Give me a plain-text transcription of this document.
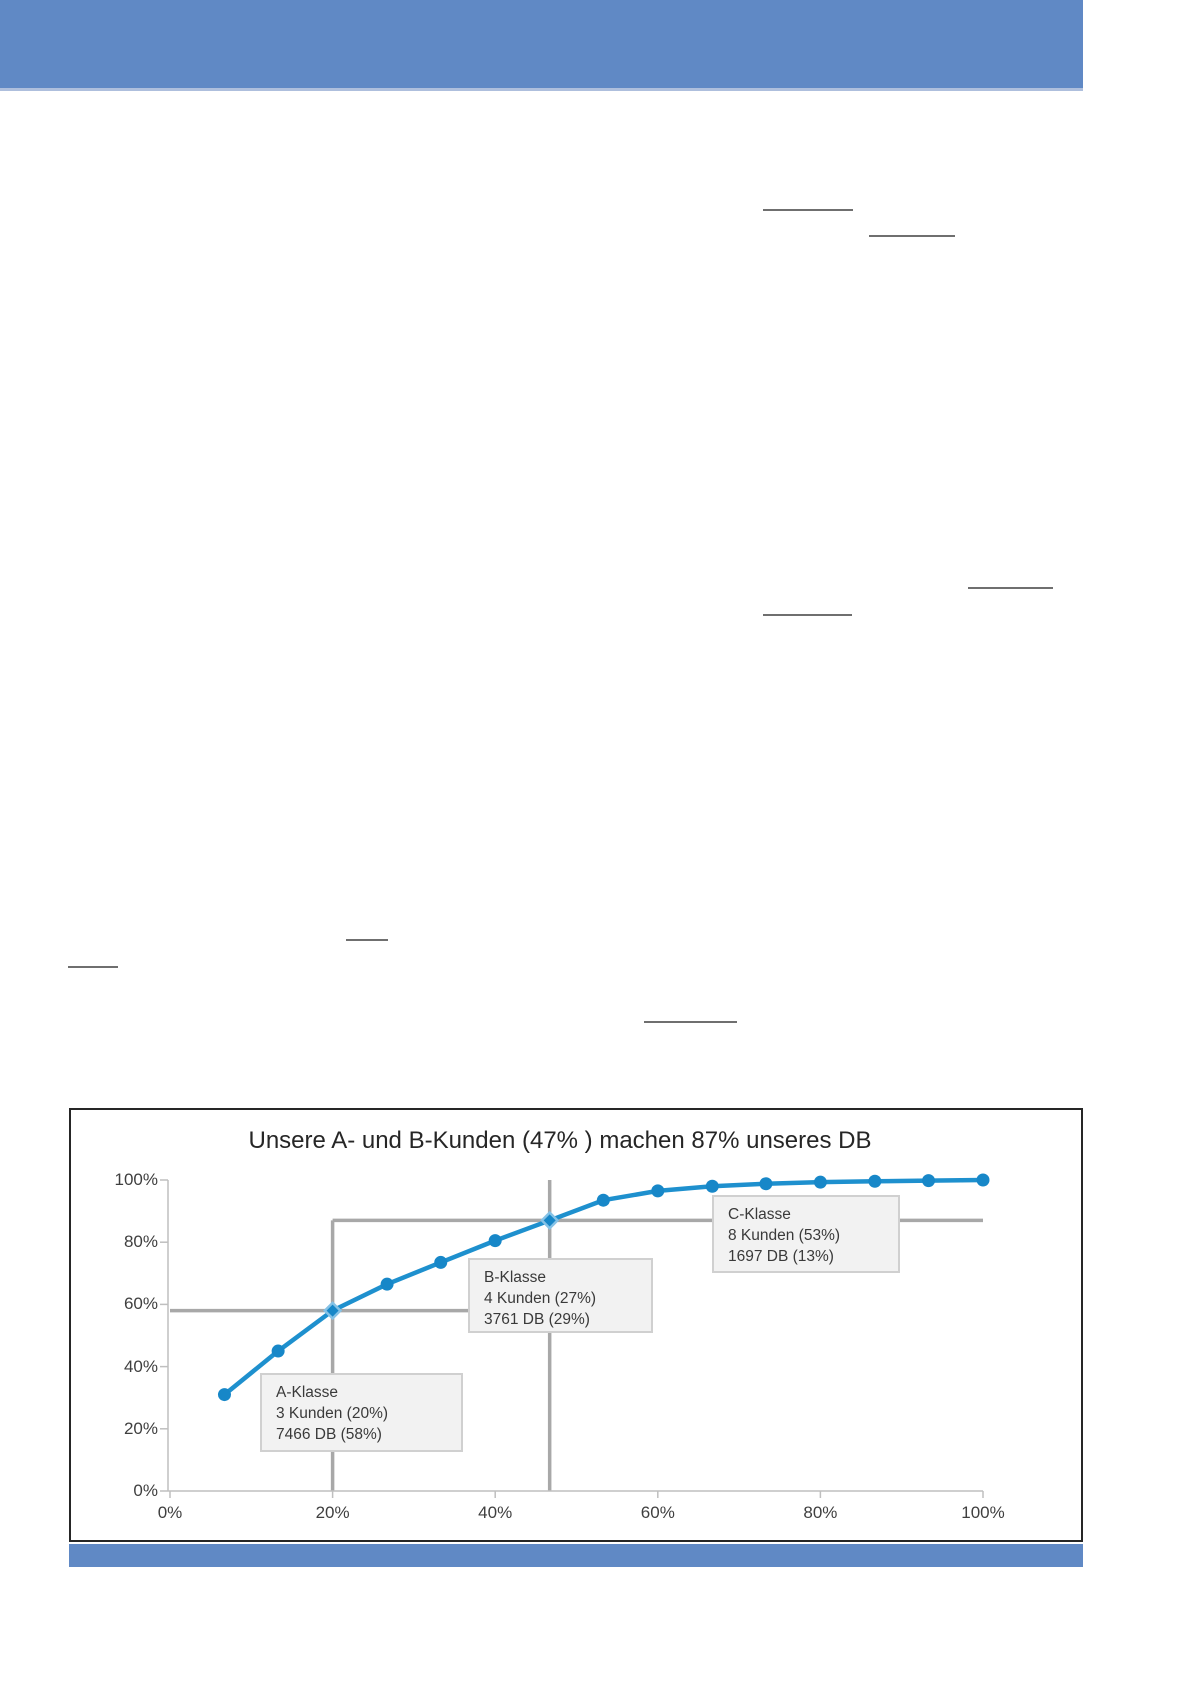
Unsere A- und B-Kunden (47% ) machen 87% unseres DB
0%
20%
40%
60%
80%
100%
0%	20%	40%	60%	80%	100%
A-Klasse
3 Kunden (20%)
7466 DB (58%)
B-Klasse
4 Kunden (27%)
3761 DB (29%)
C-Klasse
8 Kunden (53%)
1697 DB (13%)
